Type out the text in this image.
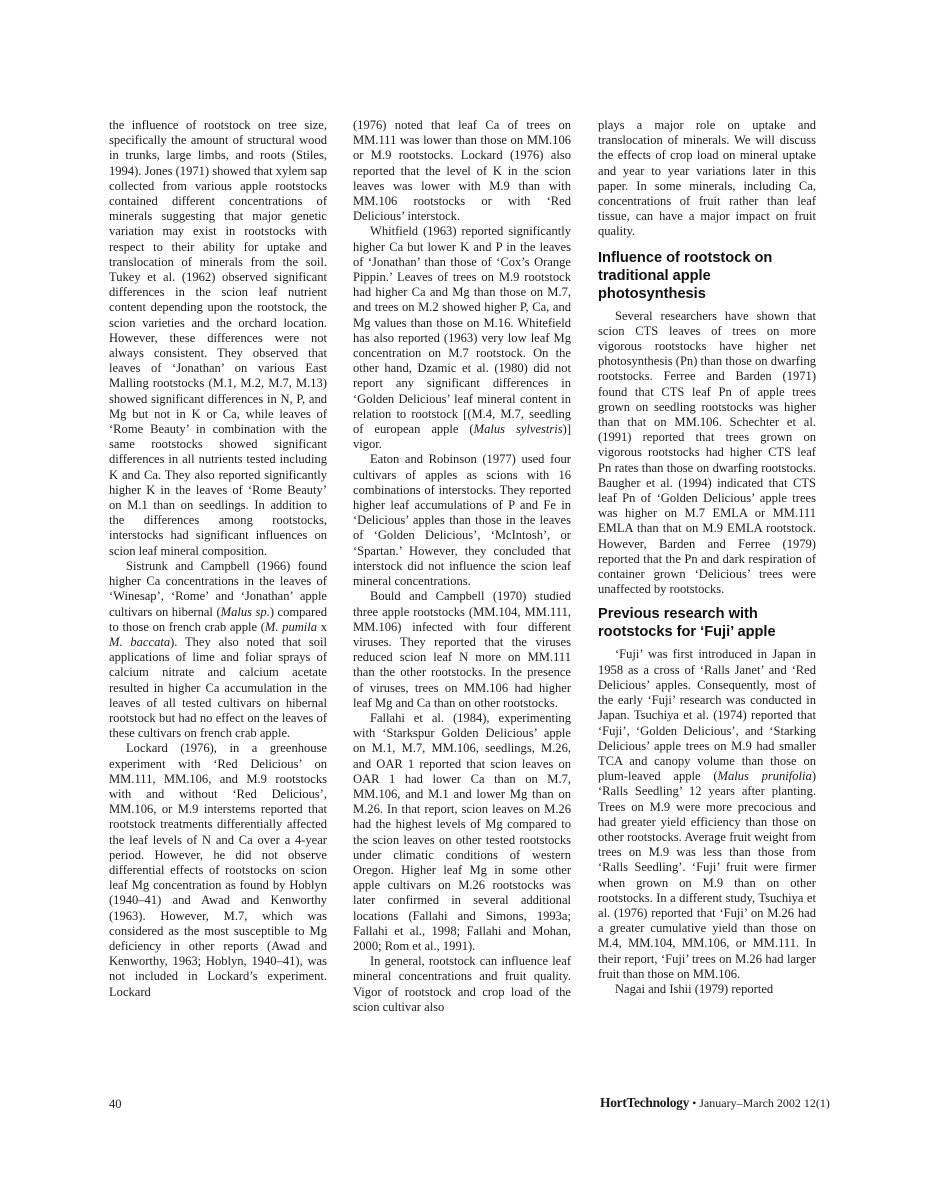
the influence of rootstock on tree size, specifically the amount of structural wood in trunks, large limbs, and roots (Stiles, 1994). Jones (1971) showed that xylem sap collected from various apple rootstocks contained different concentrations of minerals suggesting that major genetic variation may exist in rootstocks with respect to their ability for uptake and translocation of minerals from the soil. Tukey et al. (1962) observed significant differences in the scion leaf nutrient content depending upon the rootstock, the scion varieties and the orchard location. However, these differences were not always consistent. They observed that leaves of ‘Jonathan’ on various East Malling rootstocks (M.1, M.2, M.7, M.13) showed significant differences in N, P, and Mg but not in K or Ca, while leaves of ‘Rome Beauty’ in combination with the same rootstocks showed significant differences in all nutrients tested including K and Ca. They also reported significantly higher K in the leaves of ‘Rome Beauty’ on M.1 than on seedlings. In addition to the differences among rootstocks, interstocks had significant influences on scion leaf mineral composition.

Sistrunk and Campbell (1966) found higher Ca concentrations in the leaves of ‘Winesap’, ‘Rome’ and ‘Jonathan’ apple cultivars on hibernal (Malus sp.) compared to those on french crab apple (M. pumila x M. baccata). They also noted that soil applications of lime and foliar sprays of calcium nitrate and calcium acetate resulted in higher Ca accumulation in the leaves of all tested cultivars on hibernal rootstock but had no effect on the leaves of these cultivars on french crab apple.

Lockard (1976), in a greenhouse experiment with ‘Red Delicious’ on MM.111, MM.106, and M.9 rootstocks with and without ‘Red Delicious’, MM.106, or M.9 interstems reported that rootstock treatments differentially affected the leaf levels of N and Ca over a 4-year period. However, he did not observe differential effects of rootstocks on scion leaf Mg concentration as found by Hoblyn (1940–41) and Awad and Kenworthy (1963). However, M.7, which was considered as the most susceptible to Mg deficiency in other reports (Awad and Kenworthy, 1963; Hoblyn, 1940–41), was not included in Lockard’s experiment. Lockard

(1976) noted that leaf Ca of trees on MM.111 was lower than those on MM.106 or M.9 rootstocks. Lockard (1976) also reported that the level of K in the scion leaves was lower with M.9 than with MM.106 rootstocks or with ‘Red Delicious’ interstock.

Whitfield (1963) reported significantly higher Ca but lower K and P in the leaves of ‘Jonathan’ than those of ‘Cox’s Orange Pippin.’ Leaves of trees on M.9 rootstock had higher Ca and Mg than those on M.7, and trees on M.2 showed higher P, Ca, and Mg values than those on M.16. Whitefield has also reported (1963) very low leaf Mg concentration on M.7 rootstock. On the other hand, Dzamic et al. (1980) did not report any significant differences in ‘Golden Delicious’ leaf mineral content in relation to rootstock [(M.4, M.7, seedling of european apple (Malus sylvestris)] vigor.

Eaton and Robinson (1977) used four cultivars of apples as scions with 16 combinations of interstocks. They reported higher leaf accumulations of P and Fe in ‘Delicious’ apples than those in the leaves of ‘Golden Delicious’, ‘McIntosh’, or ‘Spartan.’ However, they concluded that interstock did not influence the scion leaf mineral concentrations.

Bould and Campbell (1970) studied three apple rootstocks (MM.104, MM.111, MM.106) infected with four different viruses. They reported that the viruses reduced scion leaf N more on MM.111 than the other rootstocks. In the presence of viruses, trees on MM.106 had higher leaf Mg and Ca than on other rootstocks.

Fallahi et al. (1984), experimenting with ‘Starkspur Golden Delicious’ apple on M.1, M.7, MM.106, seedlings, M.26, and OAR 1 reported that scion leaves on OAR 1 had lower Ca than on M.7, MM.106, and M.1 and lower Mg than on M.26. In that report, scion leaves on M.26 had the highest levels of Mg compared to the scion leaves on other tested rootstocks under climatic conditions of western Oregon. Higher leaf Mg in some other apple cultivars on M.26 rootstocks was later confirmed in several additional locations (Fallahi and Simons, 1993a; Fallahi et al., 1998; Fallahi and Mohan, 2000; Rom et al., 1991).

In general, rootstock can influence leaf mineral concentrations and fruit quality. Vigor of rootstock and crop load of the scion cultivar also

plays a major role on uptake and translocation of minerals. We will discuss the effects of crop load on mineral uptake and year to year variations later in this paper. In some minerals, including Ca, concentrations of fruit rather than leaf tissue, can have a major impact on fruit quality.

Influence of rootstock on traditional apple photosynthesis

Several researchers have shown that scion CTS leaves of trees on more vigorous rootstocks have higher net photosynthesis (Pn) than those on dwarfing rootstocks. Ferree and Barden (1971) found that CTS leaf Pn of apple trees grown on seedling rootstocks was higher than that on MM.106. Schechter et al. (1991) reported that trees grown on vigorous rootstocks had higher CTS leaf Pn rates than those on dwarfing rootstocks. Baugher et al. (1994) indicated that CTS leaf Pn of ‘Golden Delicious’ apple trees was higher on M.7 EMLA or MM.111 EMLA than that on M.9 EMLA rootstock. However, Barden and Ferree (1979) reported that the Pn and dark respiration of container grown ‘Delicious’ trees were unaffected by rootstocks.

Previous research with rootstocks for ‘Fuji’ apple

‘Fuji’ was first introduced in Japan in 1958 as a cross of ‘Ralls Janet’ and ‘Red Delicious’ apples. Consequently, most of the early ‘Fuji’ research was conducted in Japan. Tsuchiya et al. (1974) reported that ‘Fuji’, ‘Golden Delicious’, and ‘Starking Delicious’ apple trees on M.9 had smaller TCA and canopy volume than those on plum-leaved apple (Malus prunifolia) ‘Ralls Seedling’ 12 years after planting. Trees on M.9 were more precocious and had greater yield efficiency than those on other rootstocks. Average fruit weight from trees on M.9 was less than those from ‘Ralls Seedling’. ‘Fuji’ fruit were firmer when grown on M.9 than on other rootstocks. In a different study, Tsuchiya et al. (1976) reported that ‘Fuji’ on M.26 had a greater cumulative yield than those on M.4, MM.104, MM.106, or MM.111. In their report, ‘Fuji’ trees on M.26 had larger fruit than those on MM.106.

Nagai and Ishii (1979) reported

40	HortTechnology • January–March 2002 12(1)
